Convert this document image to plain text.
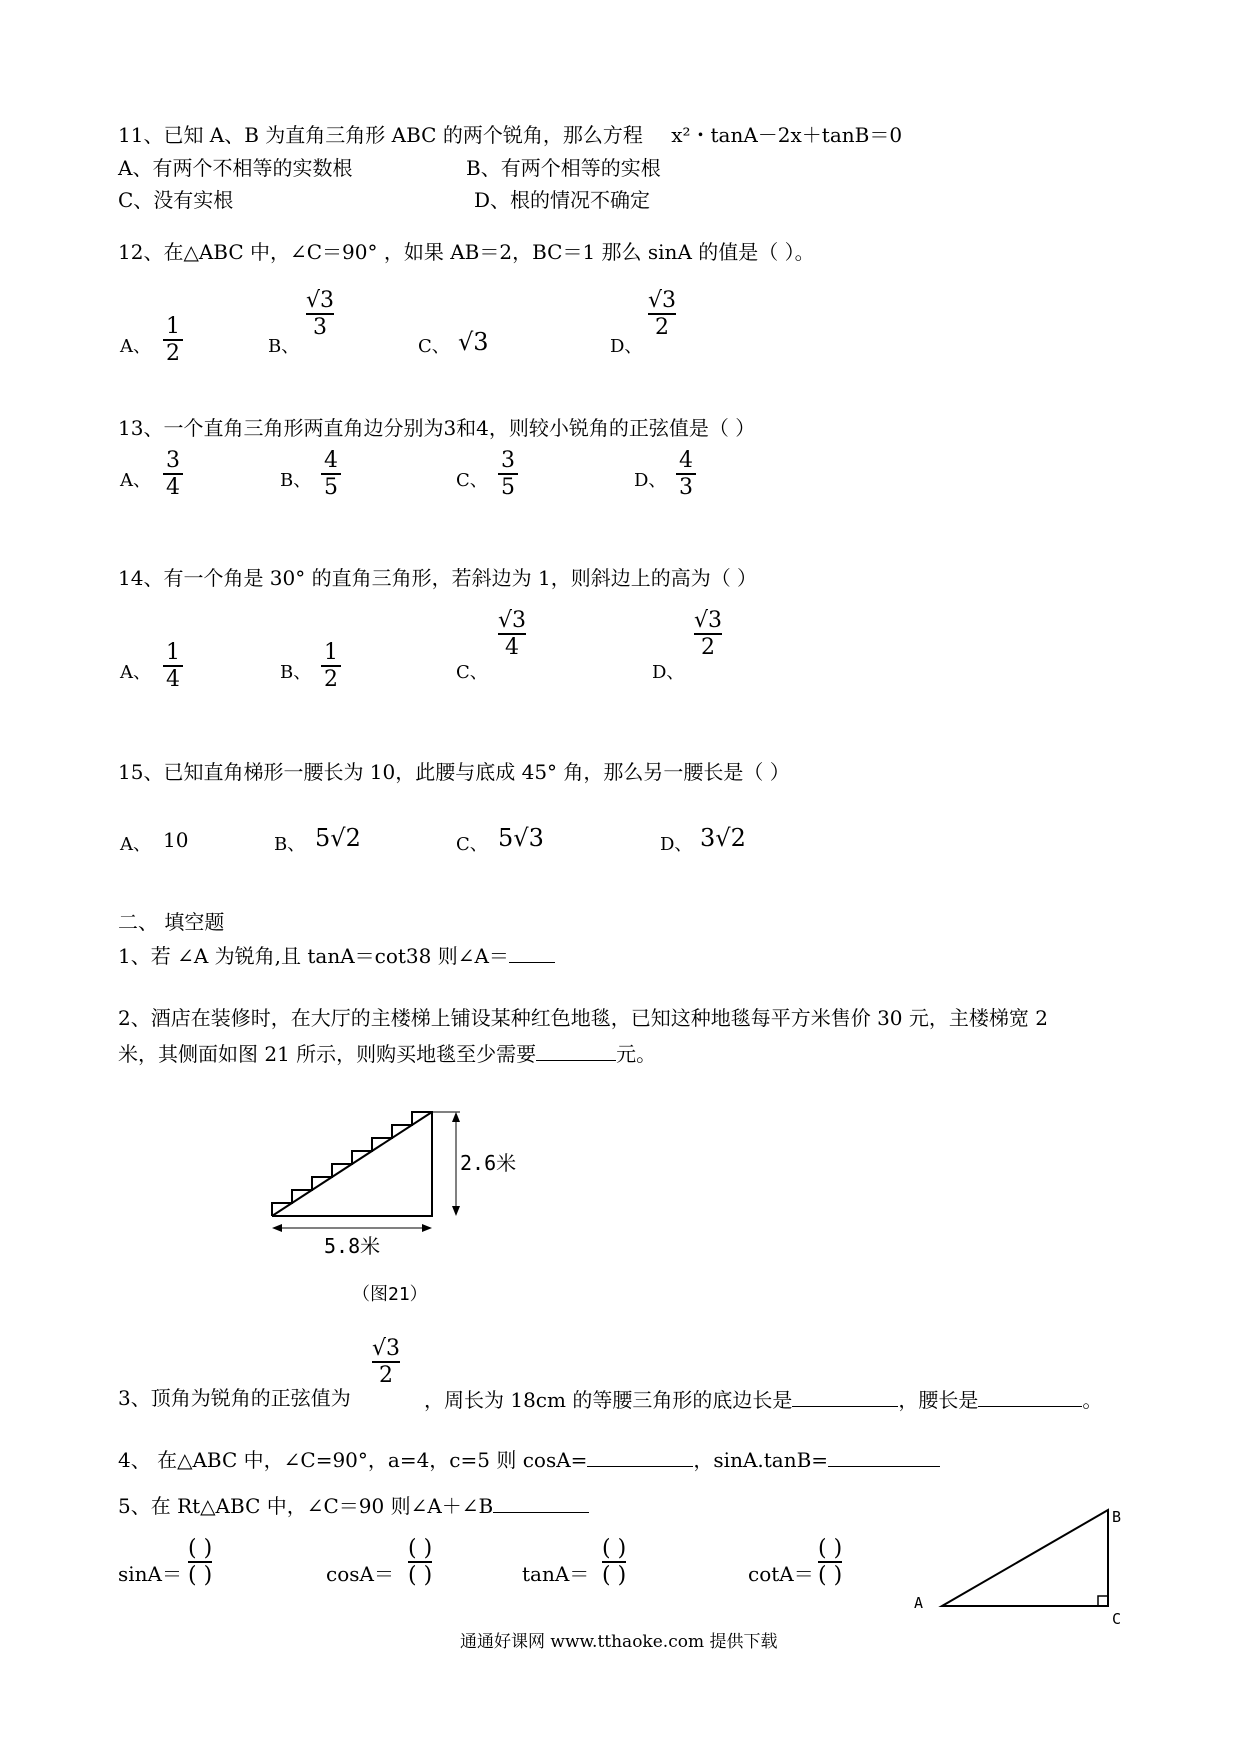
11、已知 A、B 为直角三角形 ABC 的两个锐角，那么方程 x²・tanA－2x＋tanB＝0
A、有两个不相等的实数根	B、有两个相等的实根
C、没有实根	D、根的情况不确定
12、在△ABC 中，∠C＝90° ，如果 AB＝2，BC＝1 那么 sinA 的值是（ ）。
A、
1
2	B、
√3
3
C、 √3	D、
√3
2
13、一个直角三角形两直角边分别为3和4，则较小锐角的正弦值是（ ）
A、
3
4	B、
4
5	C、
3
5	D、
4
3
14、有一个角是 30° 的直角三角形，若斜边为 1，则斜边上的高为（ ）
A、
1
4	B、
1
2	C、
√3
4
D、
√3
2
15、已知直角梯形一腰长为 10，此腰与底成 45° 角，那么另一腰长是（ ）
A、 10	B、 5√2	C、 5√3	D、 3√2
二、 填空题
1、若 ∠A 为锐角,且 tanA＝cot38 则∠A＝
2、酒店在装修时，在大厅的主楼梯上铺设某种红色地毯，已知这种地毯每平方米售价 30 元，主楼梯宽 2
米，其侧面如图 21 所示，则购买地毯至少需要	元。
2.6米
5.8米
（图21）
3、顶角为锐角的正弦值为
√3
2
，周长为 18cm 的等腰三角形的底边长是	，腰长是	。
4、 在△ABC 中，∠C=90°，a=4，c=5 则 cosA=	，sinA.tanB=
5、在 Rt△ABC 中，∠C＝90 则∠A＋∠B
sinA＝
( )
( )	cosA＝
( )
( )	tanA＝
( )
( )	cotA＝
( )
( )
A
B
C
通通好课网 www.tthaoke.com 提供下载
